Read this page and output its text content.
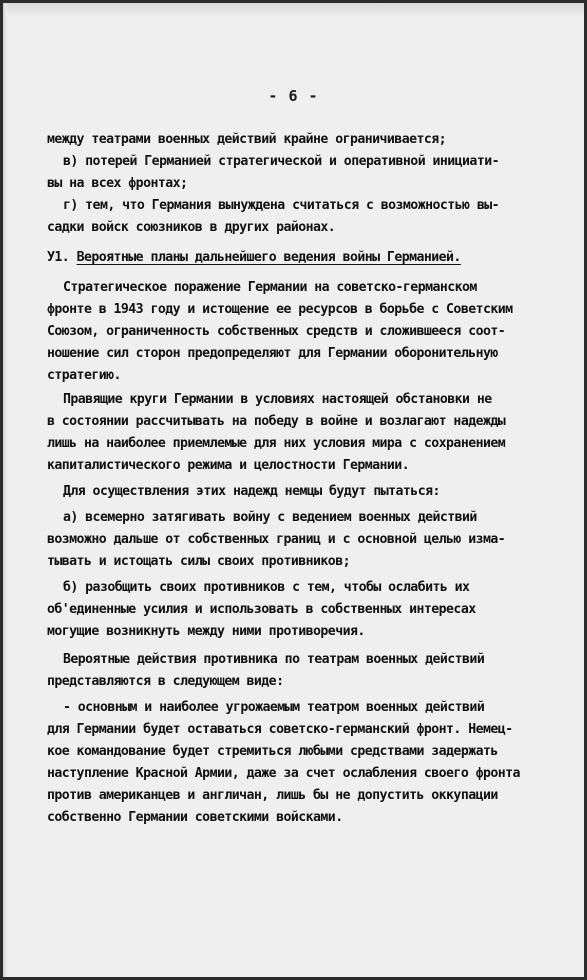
- 6 -
между театрами военных действий крайне ограничивается;
в) потерей Германией стратегической и оперативной инициати-
вы на всех фронтах;
г) тем, что Германия вынуждена считаться с возможностью вы-
садки войск союзников в других районах.
У1. Вероятные планы дальнейшего ведения войны Германией.
Стратегическое поражение Германии на советско-германском
фронте в 1943 году и истощение ее ресурсов в борьбе с Советским
Союзом, ограниченность собственных средств и сложившееся соот-
ношение сил сторон предопределяют для Германии оборонительную
стратегию.
Правящие круги Германии в условиях настоящей обстановки не
в состоянии рассчитывать на победу в войне и возлагают надежды
лишь на наиболее приемлемые для них условия мира с сохранением
капиталистического режима и целостности Германии.
Для осуществления этих надежд немцы будут пытаться:
а) всемерно затягивать войну с ведением военных действий
возможно дальше от собственных границ и с основной целью изма-
тывать и истощать силы своих противников;
б) разобщить своих противников с тем, чтобы ослабить их
об'единенные усилия и использовать в собственных интересах
могущие возникнуть между ними противоречия.
Вероятные действия противника по театрам военных действий
представляются в следующем виде:
- основным и наиболее угрожаемым театром военных действий
для Германии будет оставаться советско-германский фронт. Немец-
кое командование будет стремиться любыми средствами задержать
наступление Красной Армии, даже за счет ослабления своего фронта
против американцев и англичан, лишь бы не допустить оккупации
собственно Германии советскими войсками.
